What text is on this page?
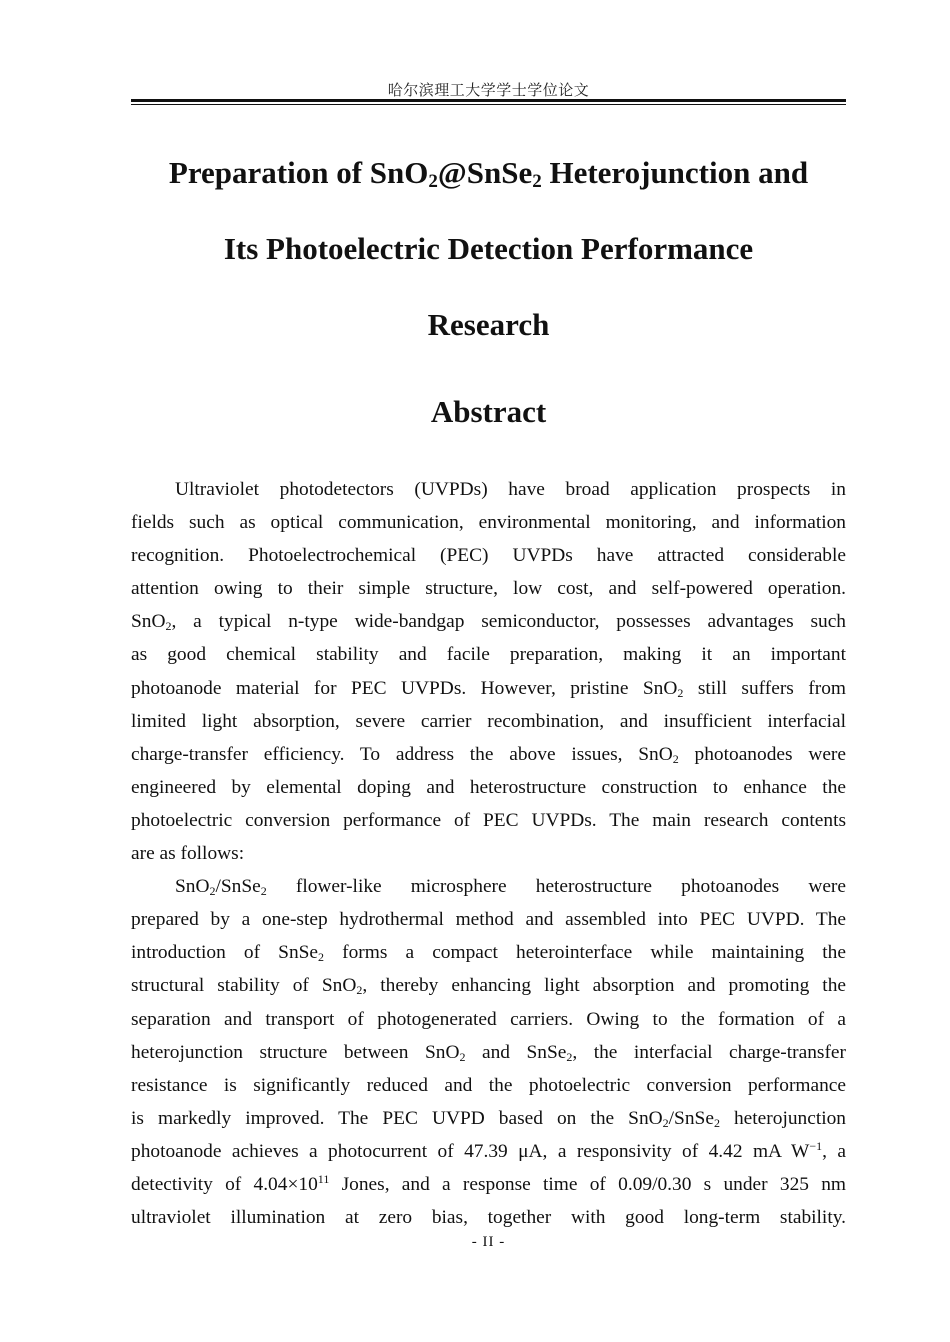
哈尔滨理工大学学士学位论文
Preparation of SnO$_2$@SnSe$_2$ Heterojunction and
Its Photoelectric Detection Performance
Research
Abstract
Ultraviolet photodetectors (UVPDs) have broad application prospects in
fields such as optical communication, environmental monitoring, and information
recognition. Photoelectrochemical (PEC) UVPDs have attracted considerable
attention owing to their simple structure, low cost, and self-powered operation.
SnO$_2$, a typical n-type wide-bandgap semiconductor, possesses advantages such
as good chemical stability and facile preparation, making it an important
photoanode material for PEC UVPDs. However, pristine SnO$_2$ still suffers from
limited light absorption, severe carrier recombination, and insufficient interfacial
charge-transfer efficiency. To address the above issues, SnO$_2$ photoanodes were
engineered by elemental doping and heterostructure construction to enhance the
photoelectric conversion performance of PEC UVPDs. The main research contents
are as follows:
SnO$_2$/SnSe$_2$ flower-like microsphere heterostructure photoanodes were
prepared by a one-step hydrothermal method and assembled into PEC UVPD. The
introduction of SnSe$_2$ forms a compact heterointerface while maintaining the
structural stability of SnO$_2$, thereby enhancing light absorption and promoting the
separation and transport of photogenerated carriers. Owing to the formation of a
heterojunction structure between SnO$_2$ and SnSe$_2$, the interfacial charge-transfer
resistance is significantly reduced and the photoelectric conversion performance
is markedly improved. The PEC UVPD based on the SnO$_2$/SnSe$_2$ heterojunction
photoanode achieves a photocurrent of 47.39 μA, a responsivity of 4.42 mA $W^{-1}$, a
detectivity of $4.04\times 10^{11}$ Jones, and a response time of 0.09/0.30 s under 325 nm
ultraviolet illumination at zero bias, together with good long-term stability.
- II -
